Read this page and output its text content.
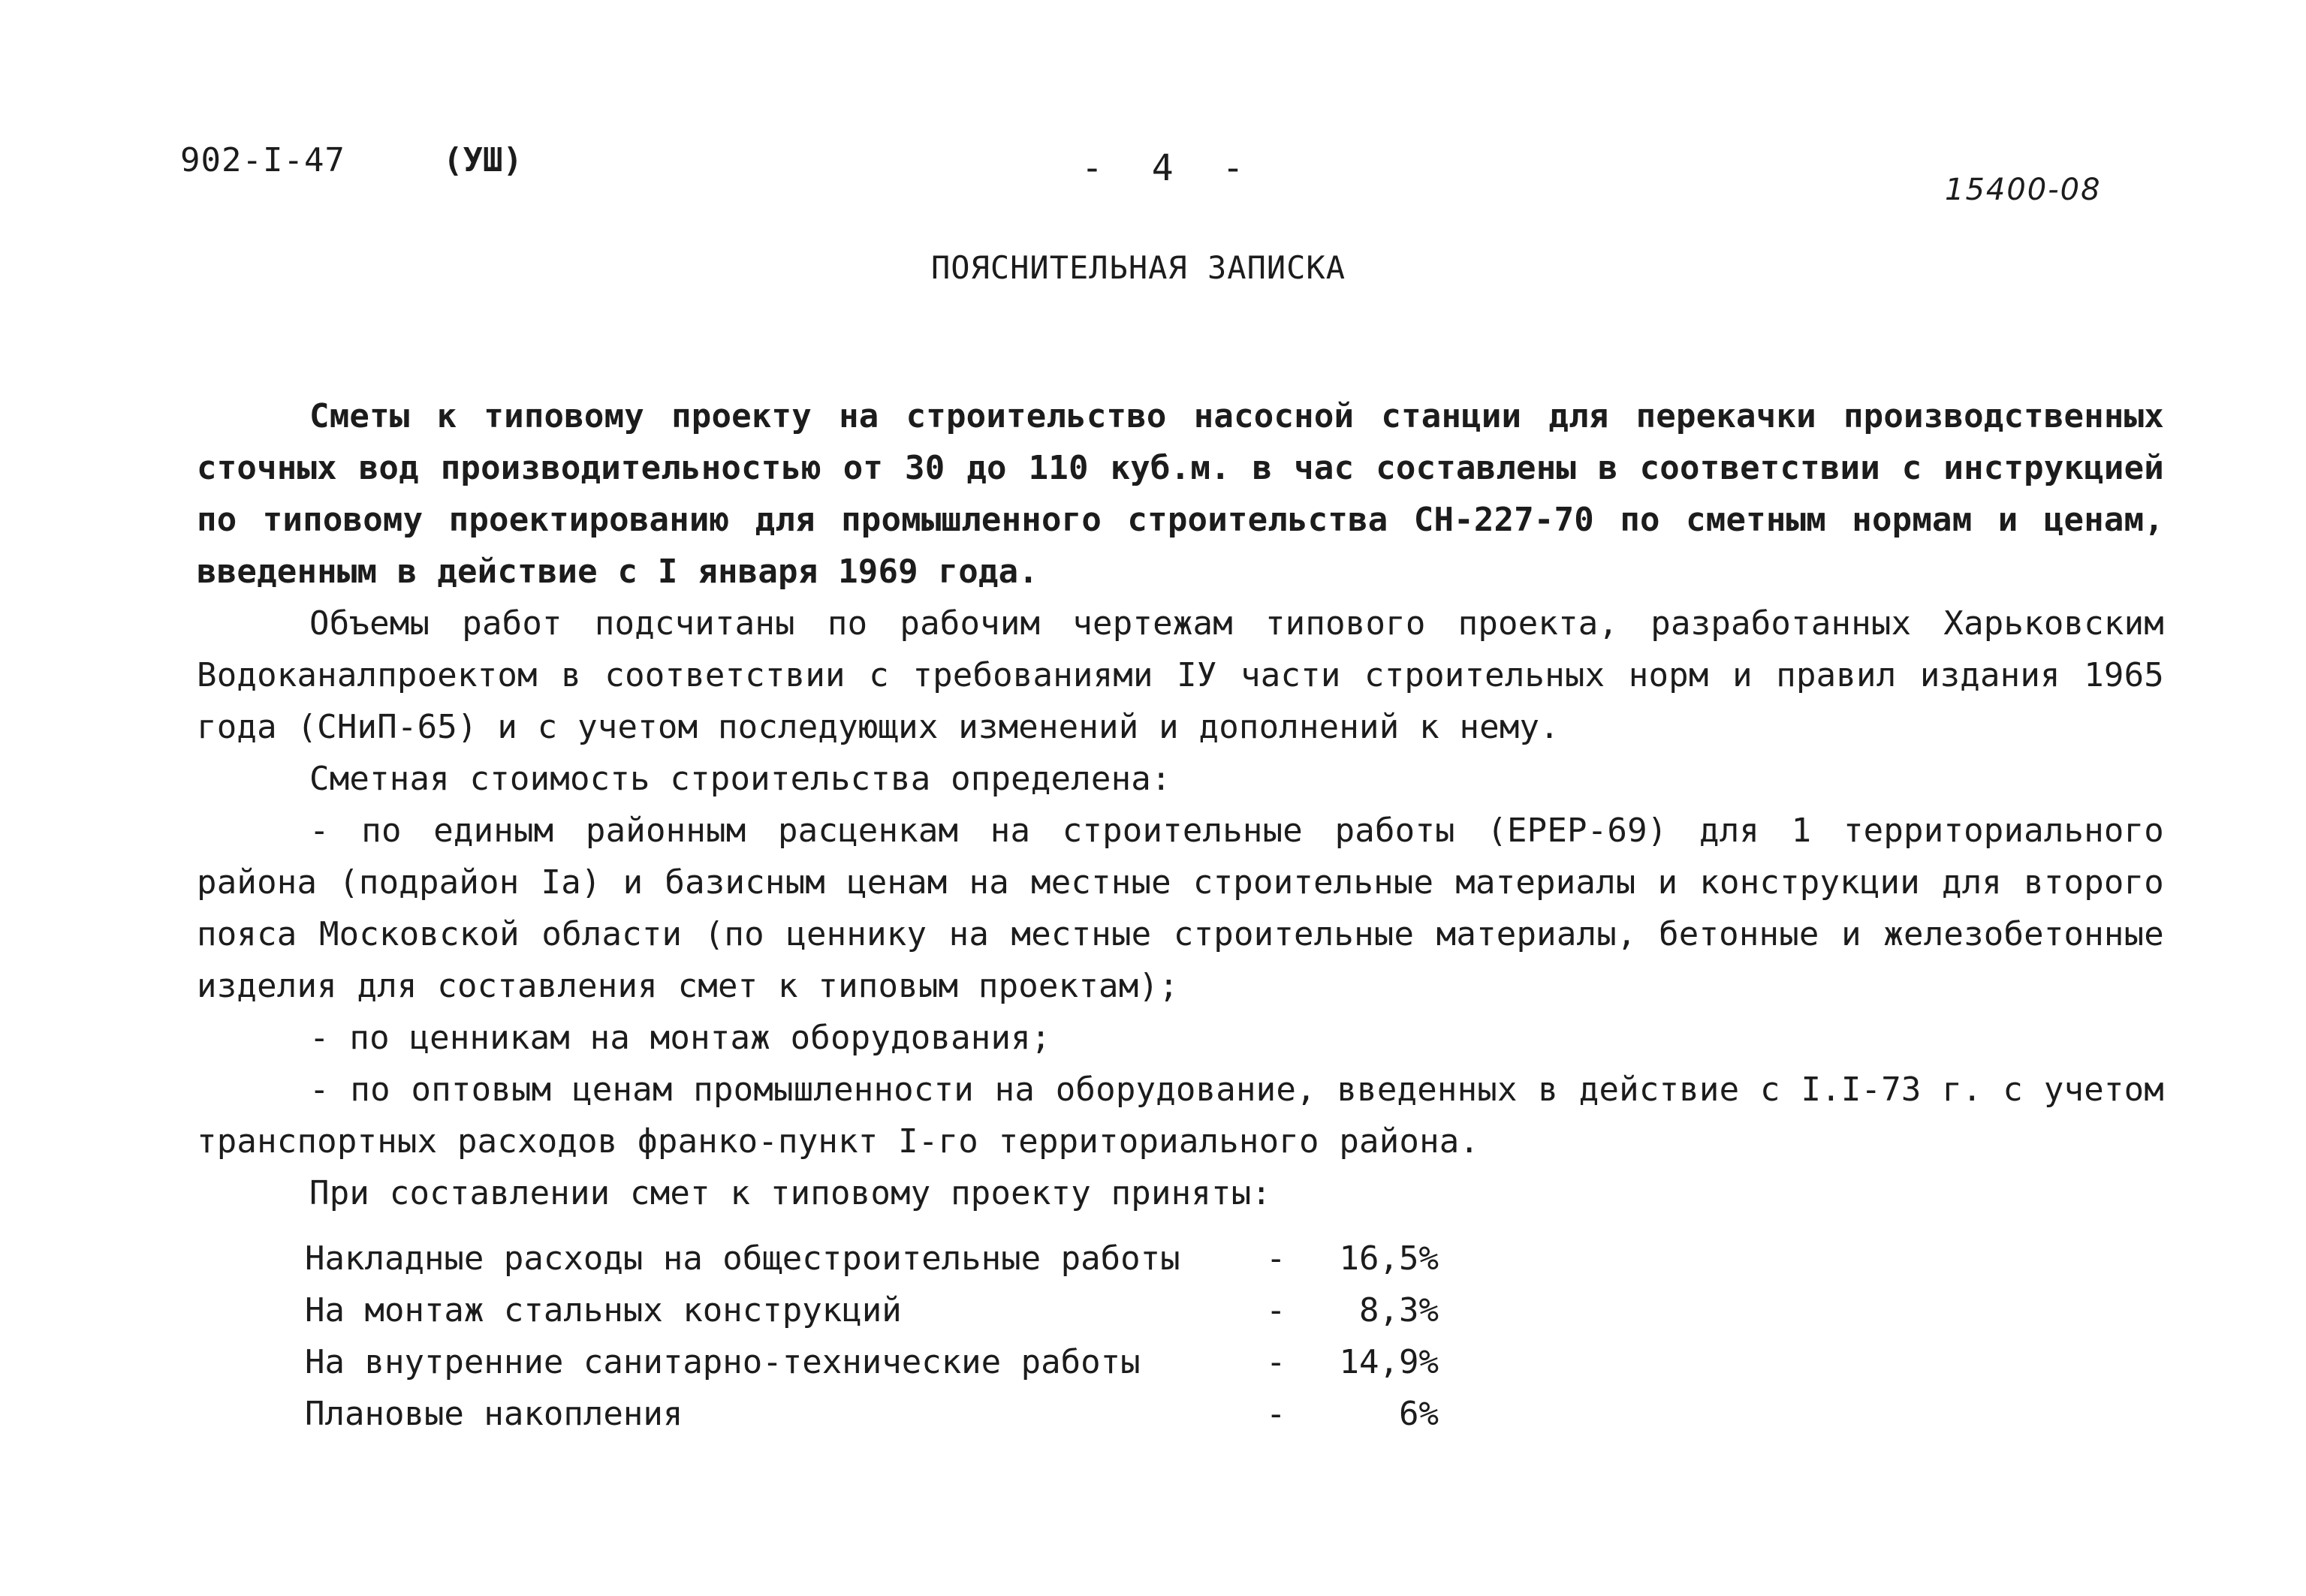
902-I-47	(УШ)	- 4 -
15400-08
ПОЯСНИТЕЛЬНАЯ ЗАПИСКА

Сметы к типовому проекту на строительство насосной станции для перекачки производственных сточных вод производительностью от 30 до 110 куб.м. в час составлены в соответствии с инструкцией по типовому проектированию для промышленного строительства СН-227-70 по сметным нормам и ценам, введенным в действие с I января 1969 года.

Объемы работ подсчитаны по рабочим чертежам типового проекта, разработанных Харьковским Водоканалпроектом в соответствии с требованиями IУ части строительных норм и правил издания 1965 года (СНиП-65) и с учетом последующих изменений и дополнений к нему.

Сметная стоимость строительства определена:

- по единым районным расценкам на строительные работы (ЕРЕР-69) для 1 территориального района (подрайон Iа) и базисным ценам на местные строительные материалы и конструкции для второго пояса Московской области (по ценнику на местные строительные материалы, бетонные и железобетонные изделия для составления смет к типовым проектам);

- по ценникам на монтаж оборудования;

- по оптовым ценам промышленности на оборудование, введенных в действие с I.I-73 г. с учетом транспортных расходов франко-пункт I-го территориального района.

При составлении смет к типовому проекту приняты:

Накладные расходы на общестроительные работы	-	16,5%
На монтаж стальных конструкций	-	8,3%
На внутренние санитарно-технические работы	-	14,9%
Плановые накопления	-	6%
